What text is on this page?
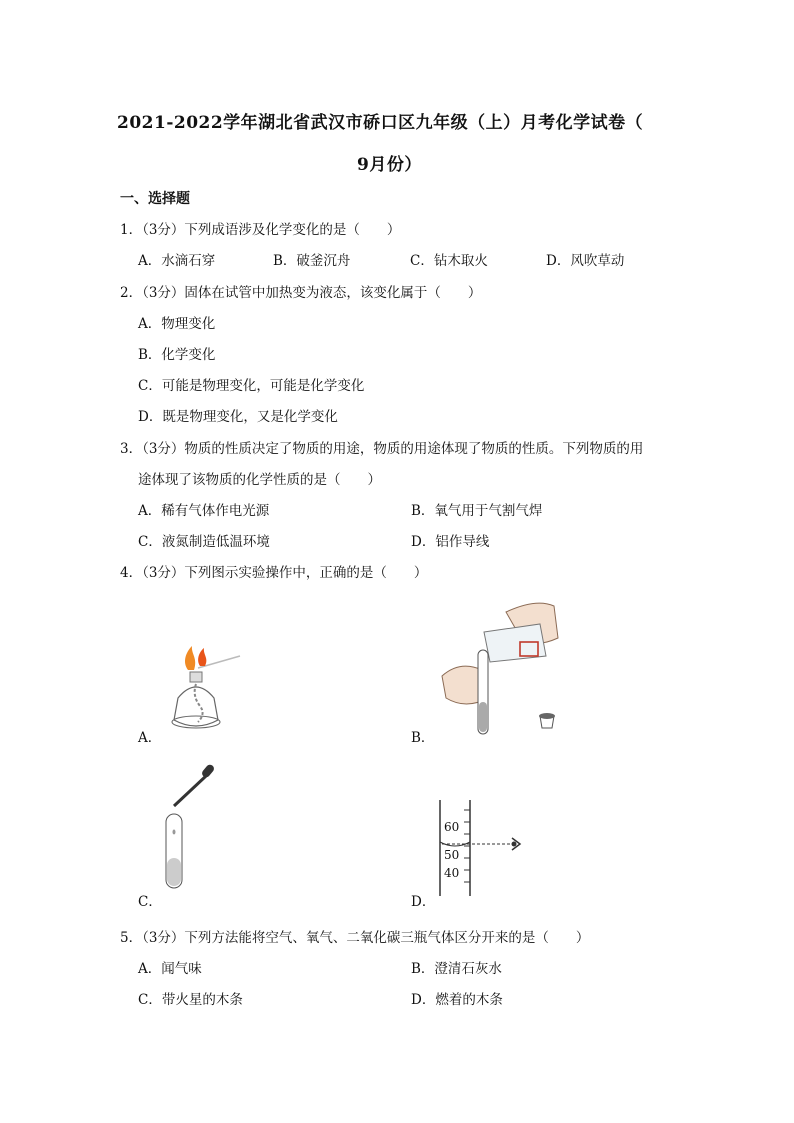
2021-2022学年湖北省武汉市硚口区九年级（上）月考化学试卷（
9月份）
一、选择题
1．（3分）下列成语涉及化学变化的是（　　）
A．水滴石穿	B．破釜沉舟	C．钻木取火	D．风吹草动
2．（3分）固体在试管中加热变为液态，该变化属于（　　）
A．物理变化
B．化学变化
C．可能是物理变化，可能是化学变化
D．既是物理变化，又是化学变化
3．（3分）物质的性质决定了物质的用途，物质的用途体现了物质的性质。下列物质的用
途体现了该物质的化学性质的是（　　）
A．稀有气体作电光源	B．氧气用于气割气焊
C．液氮制造低温环境	D．铝作导线
4．（3分）下列图示实验操作中，正确的是（　　）
A．	B．
C．
60
50
40
D．
5．（3分）下列方法能将空气、氧气、二氧化碳三瓶气体区分开来的是（　　）
A．闻气味	B．澄清石灰水
C．带火星的木条	D．燃着的木条
